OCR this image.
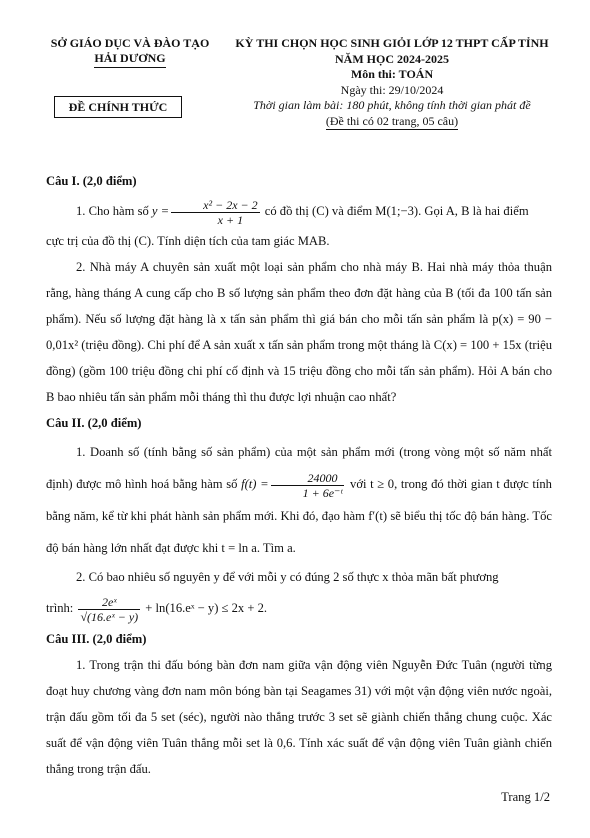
SỞ GIÁO DỤC VÀ ĐÀO TẠO
HẢI DƯƠNG
KỲ THI CHỌN HỌC SINH GIỎI LỚP 12 THPT CẤP TỈNH
NĂM HỌC 2024-2025
Môn thi: TOÁN
Ngày thi: 29/10/2024
Thời gian làm bài: 180 phút, không tính thời gian phát đề
(Đề thi có 02 trang, 05 câu)
ĐỀ CHÍNH THỨC

Câu I. (2,0 điểm)

1. Cho hàm số $y = \frac{\text{x² − 2x − 2}}{x + 1}$ có đồ thị (C) và điểm M(1;−3). Gọi A, B là hai điểm

cực trị của đồ thị (C). Tính diện tích của tam giác MAB.

2. Nhà máy A chuyên sản xuất một loại sản phẩm cho nhà máy B. Hai nhà máy thỏa thuận rằng, hàng tháng A cung cấp cho B số lượng sản phẩm theo đơn đặt hàng của B (tối đa 100 tấn sản phẩm). Nếu số lượng đặt hàng là x tấn sản phẩm thì giá bán cho mỗi tấn sản phẩm là p(x) = 90 − 0,01x² (triệu đồng). Chi phí để A sản xuất x tấn sản phẩm trong một tháng là C(x) = 100 + 15x (triệu đồng) (gồm 100 triệu đồng chi phí cố định và 15 triệu đồng cho mỗi tấn sản phẩm). Hỏi A bán cho B bao nhiêu tấn sản phẩm mỗi tháng thì thu được lợi nhuận cao nhất?

Câu II. (2,0 điểm)

1. Doanh số (tính bằng số sản phẩm) của một sản phẩm mới (trong vòng một số năm nhất định) được mô hình hoá bằng hàm số $f(t) = \frac{24000}{\text{1 + 6e⁻ᵗ}}$ với t ≥ 0, trong đó thời gian t được tính bằng năm, kể từ khi phát hành sản phẩm mới. Khi đó, đạo hàm f′(t) sẽ biểu thị tốc độ bán hàng. Tốc độ bán hàng lớn nhất đạt được khi t = ln a. Tìm a.

2. Có bao nhiêu số nguyên y để với mỗi y có đúng 2 số thực x thỏa mãn bất phương

trình: $\frac{\text{2eˣ}}{\text{√(16.eˣ − y)}}$ + ln(16.eˣ − y) ≤ 2x + 2.

Câu III. (2,0 điểm)

1. Trong trận thi đấu bóng bàn đơn nam giữa vận động viên Nguyễn Đức Tuân (người từng đoạt huy chương vàng đơn nam môn bóng bàn tại Seagames 31) với một vận động viên nước ngoài, trận đấu gồm tối đa 5 set (séc), người nào thắng trước 3 set sẽ giành chiến thắng chung cuộc. Xác suất để vận động viên Tuân thắng mỗi set là 0,6. Tính xác suất để vận động viên Tuân giành chiến thắng trong trận đấu.

Trang 1/2
